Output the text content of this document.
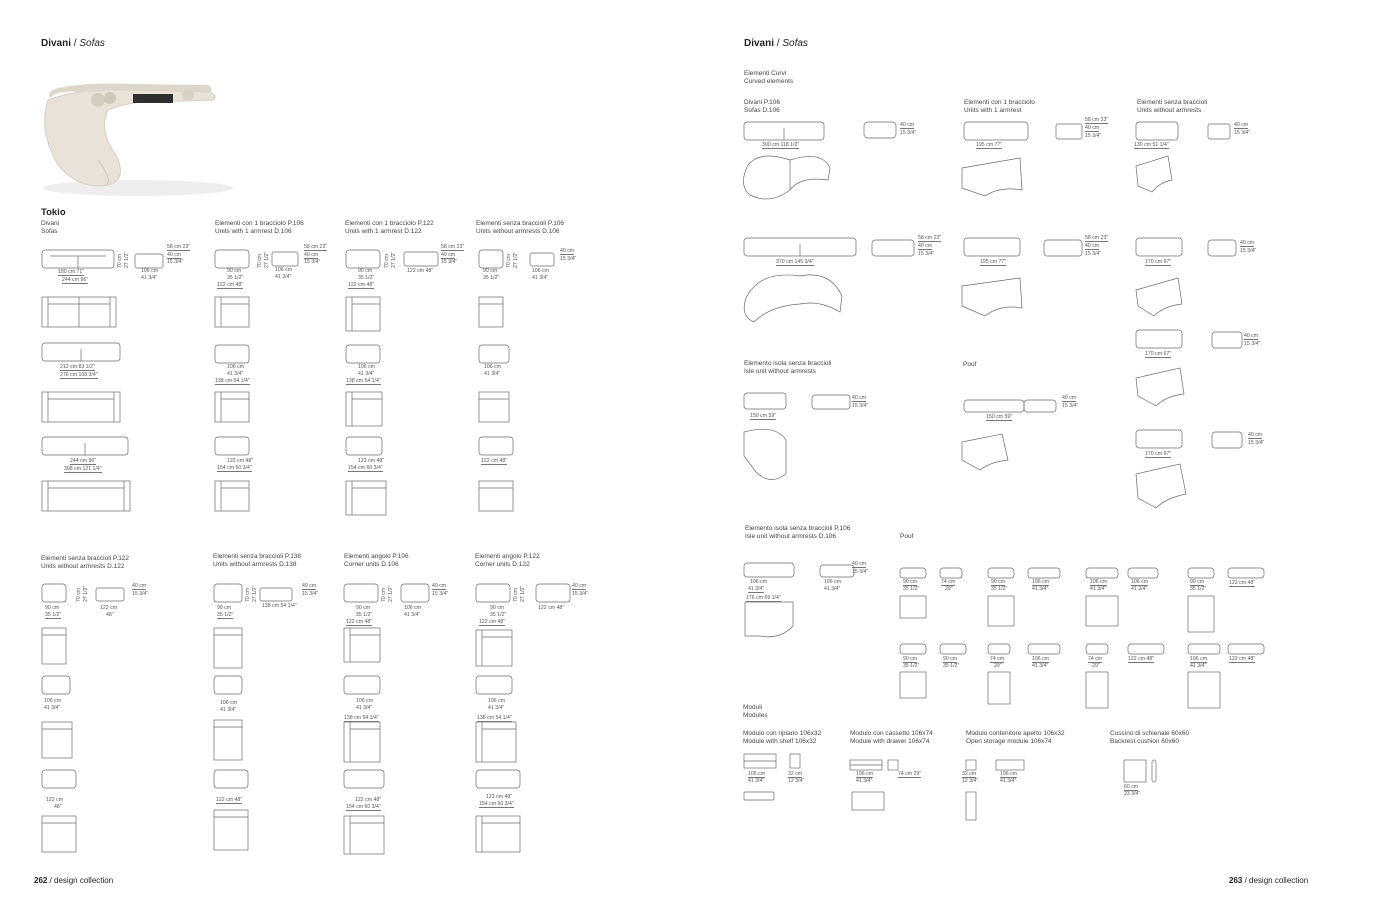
Divani / Sofas
Tokio
Divani
Sofas
Elementi con 1 bracciolo P.106
Units with 1 armrest D.106
Elementi con 1 bracciolo P.122
Units with 1 armrest D.122
Elementi senza braccioli P.106
Units without armrests D.106
Elementi senza braccioli P.122
Units without armrests D.122
Elementi senza braccioli P.138
Units without armrests D.138
Elementi angolo P.106
Corner units D.106
Elementi angolo P.122
Corner units D.122
180 cm 71"
244 cm 96"
106 cm
41 3/4"
58 cm 23"
40 cm
15 3/4"
70 cm 27 1/2"
212 cm 83 1/2"
276 cm 108 3/4"
244 cm 96"
308 cm 121 1/4"
90 cm
35 1/2"
122 cm 48"
106 cm
41 3/4"
58 cm 23"
40 cm
15 3/4"
70 cm 27 1/2"
106 cm
41 3/4"
138 cm 54 1/4"
122 cm 48"
154 cm 60 3/4"
90 cm
35 1/2"
122 cm 48"
122 cm 48"
58 cm 23"
40 cm
15 3/4"
70 cm 27 1/2"
106 cm
41 3/4"
138 cm 54 1/4"
122 cm 48"
154 cm 60 3/4"
90 cm
35 1/2"
106 cm
41 3/4"
40 cm
15 3/4"
70 cm 27 1/2"
106 cm
41 3/4"
122 cm 48"
90 cm
35 1/2"
122 cm
48"
40 cm
15 3/4"
70 cm 27 1/2"
106 cm
41 3/4"
122 cm
48"
90 cm
35 1/2"
138 cm 54 1/4"
40 cm
15 3/4"
70 cm 27 1/2"
106 cm
41 3/4"
122 cm 48"
90 cm
35 1/2"
122 cm 48"
106 cm
41 3/4"
40 cm
15 3/4"
70 cm 27 1/2"
106 cm
41 3/4"
138 cm 54 1/4"
122 cm 48"
154 cm 60 3/4"
90 cm
35 1/2"
122 cm 48"
122 cm 48"
40 cm
15 3/4"
70 cm 27 1/2"
106 cm
41 3/4"
138 cm 54 1/4"
122 cm 48"
154 cm 60 3/4"
262 / design collection
Divani / Sofas
Elementi Curvi
Curved elements
Divani P.106
Sofas D.106
Elementi con 1 bracciolo
Units with 1 armrest
Elementi senza braccioli
Units without armrests
Elemento isola senza braccioli
Isle unit without armrests
Pouf
Elemento isola senza braccioli P.106
Isle unit without armrests D.106	Pouf
Moduli
Modules
Modulo con ripiano 106x32
Module with shelf 106x32
Modulo con cassetto 106x74
Module with drawer 106x74
Modulo contenitore aperto 106x32
Open storage module 106x74
Cuscino di schienale 60x60
Backrest cushion 60x60
300 cm 118 1/2"
40 cm
15 3/4"
195 cm 77"
58 cm 23"
40 cm
15 3/4"
130 cm 51 1/4"
40 cm
15 3/4"
370 cm 145 3/4"
58 cm 23"
40 cm
15 3/4"
195 cm 77"
58 cm 23"
40 cm
15 3/4"
170 cm 67"
40 cm
15 3/4"
170 cm 67"
40 cm
15 3/4"
150 cm 59"
40 cm
15 3/4"
150 cm 59"
40 cm
15 3/4"
170 cm 67"
40 cm
15 3/4"
106 cm
41 3/4"
176 cm 69 1/4"
106 cm
41 3/4"
40 cm
15 3/4"
90 cm
35 1/2"
74 cm
29"
90 cm
35 1/2"
106 cm
41 3/4"
106 cm
41 3/4"
106 cm
41 3/4"
90 cm
35 1/2"
122 cm 48"
90 cm
35 1/2"
90 cm
35 1/2"
74 cm
29"
106 cm
41 3/4"
74 cm
29"
122 cm 48"	106 cm
41 3/4"
122 cm 48"
106 cm
41 3/4"
32 cm
12 3/4"
106 cm
41 3/4"
74 cm 29"	32 cm
12 3/4"
106 cm
41 3/4"
60 cm
23 3/4"
263 / design collection
